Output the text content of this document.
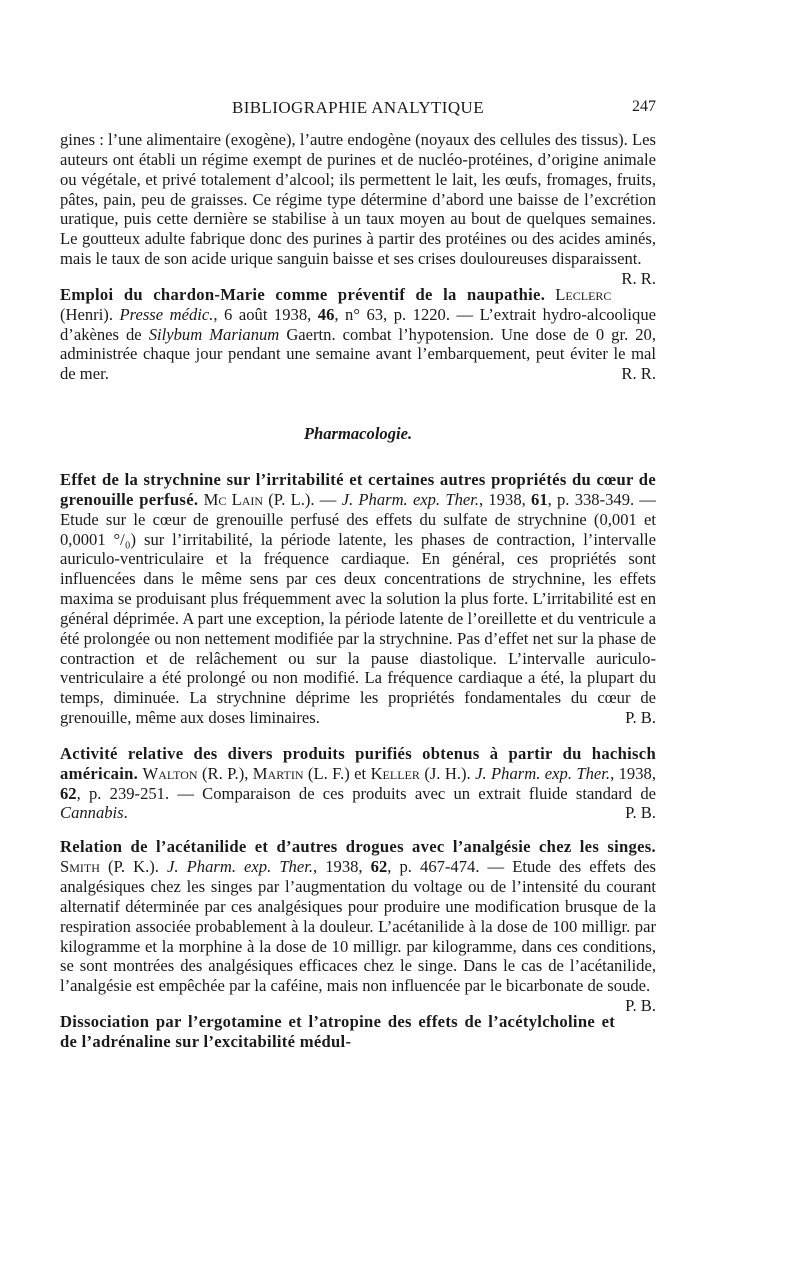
BIBLIOGRAPHIE ANALYTIQUE	247

gines : l’une alimentaire (exogène), l’autre endogène (noyaux des cellules des tissus). Les auteurs ont établi un régime exempt de purines et de nucléo-protéines, d’origine animale ou végétale, et privé totalement d’alcool; ils permettent le lait, les œufs, fromages, fruits, pâtes, pain, peu de graisses. Ce régime type détermine d’abord une baisse de l’excrétion uratique, puis cette dernière se stabilise à un taux moyen au bout de quelques semaines. Le goutteux adulte fabrique donc des purines à partir des protéines ou des acides aminés, mais le taux de son acide urique sanguin baisse et ses crises douloureuses disparaissent.
R. R.

Emploi du chardon-Marie comme préventif de la naupathie. Leclerc (Henri). Presse médic., 6 août 1938, 46, n° 63, p. 1220. — L’extrait hydro-alcoolique d’akènes de Silybum Marianum Gaertn. combat l’hypotension. Une dose de 0 gr. 20, administrée chaque jour pendant une semaine avant l’embarquement, peut éviter le mal de mer.	R. R.

Pharmacologie.

Effet de la strychnine sur l’irritabilité et certaines autres propriétés du cœur de grenouille perfusé. Mc Lain (P. L.). — J. Pharm. exp. Ther., 1938, 61, p. 338-349. — Etude sur le cœur de grenouille perfusé des effets du sulfate de strychnine (0,001 et 0,0001 °/₀) sur l’irritabilité, la période latente, les phases de contraction, l’intervalle auriculo-ventriculaire et la fréquence cardiaque. En général, ces propriétés sont influencées dans le même sens par ces deux concentrations de strychnine, les effets maxima se produisant plus fréquemment avec la solution la plus forte. L’irritabilité est en général déprimée. A part une exception, la période latente de l’oreillette et du ventricule a été prolongée ou non nettement modifiée par la strychnine. Pas d’effet net sur la phase de contraction et de relâchement ou sur la pause diastolique. L’intervalle auriculo-ventriculaire a été prolongé ou non modifié. La fréquence cardiaque a été, la plupart du temps, diminuée. La strychnine déprime les propriétés fondamentales du cœur de grenouille, même aux doses liminaires.	P. B.

Activité relative des divers produits purifiés obtenus à partir du hachisch américain. Walton (R. P.), Martin (L. F.) et Keller (J. H.). J. Pharm. exp. Ther., 1938, 62, p. 239-251. — Comparaison de ces produits avec un extrait fluide standard de Cannabis.	P. B.

Relation de l’acétanilide et d’autres drogues avec l’analgésie chez les singes. Smith (P. K.). J. Pharm. exp. Ther., 1938, 62, p. 467-474. — Etude des effets des analgésiques chez les singes par l’augmentation du voltage ou de l’intensité du courant alternatif déterminée par ces analgésiques pour produire une modification brusque de la respiration associée probablement à la douleur. L’acétanilide à la dose de 100 milligr. par kilogramme et la morphine à la dose de 10 milligr. par kilogramme, dans ces conditions, se sont montrées des analgésiques efficaces chez le singe. Dans le cas de l’acétanilide, l’analgésie est empêchée par la caféine, mais non influencée par le bicarbonate de soude.
P. B.

Dissociation par l’ergotamine et l’atropine des effets de l’acétylcholine et de l’adrénaline sur l’excitabilité médul-
